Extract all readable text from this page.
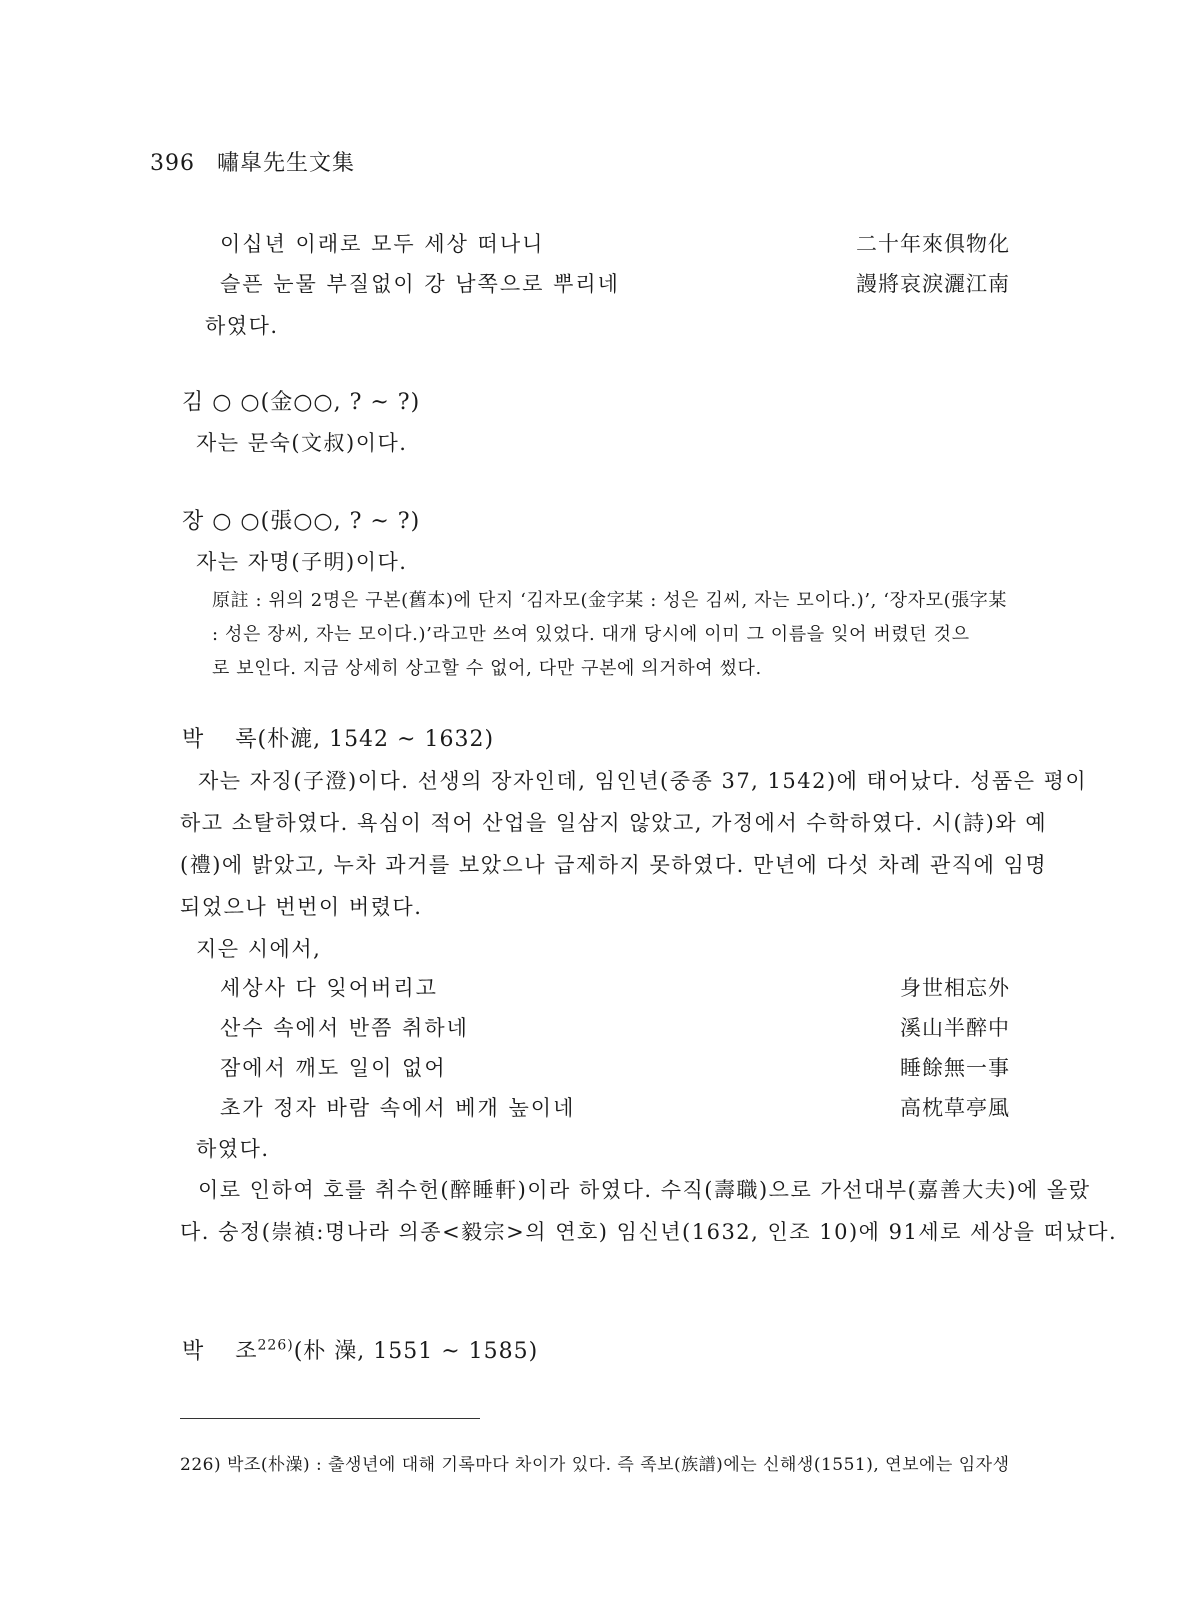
396 嘯皐先生文集
이십년 이래로 모두 세상 떠나니	二十年來俱物化
슬픈 눈물 부질없이 강 남쪽으로 뿌리네	謾將哀淚灑江南
하였다.
김 ○ ○(金○○, ? ~ ?)
자는 문숙(文叔)이다.
장 ○ ○(張○○, ? ~ ?)
자는 자명(子明)이다.
原註 : 위의 2명은 구본(舊本)에 단지 ‘김자모(金字某 : 성은 김씨, 자는 모이다.)’, ‘장자모(張字某
: 성은 장씨, 자는 모이다.)’라고만 쓰여 있었다. 대개 당시에 이미 그 이름을 잊어 버렸던 것으
로 보인다. 지금 상세히 상고할 수 없어, 다만 구본에 의거하여 썼다.
박　 록(朴漉, 1542 ~ 1632)
자는 자징(子澄)이다. 선생의 장자인데, 임인년(중종 37, 1542)에 태어났다. 성품은 평이
하고 소탈하였다. 욕심이 적어 산업을 일삼지 않았고, 가정에서 수학하였다. 시(詩)와 예
(禮)에 밝았고, 누차 과거를 보았으나 급제하지 못하였다. 만년에 다섯 차례 관직에 임명
되었으나 번번이 버렸다.
지은 시에서,
세상사 다 잊어버리고	身世相忘外
산수 속에서 반쯤 취하네	溪山半醉中
잠에서 깨도 일이 없어	睡餘無一事
초가 정자 바람 속에서 베개 높이네	高枕草亭風
하였다.
이로 인하여 호를 취수헌(醉睡軒)이라 하였다. 수직(壽職)으로 가선대부(嘉善大夫)에 올랐
다. 숭정(崇禎:명나라 의종<毅宗>의 연호) 임신년(1632, 인조 10)에 91세로 세상을 떠났다.
박　 조$^{226)}$(朴 澡, 1551 ~ 1585)
226) 박조(朴澡) : 출생년에 대해 기록마다 차이가 있다. 즉 족보(族譜)에는 신해생(1551), 연보에는 임자생
